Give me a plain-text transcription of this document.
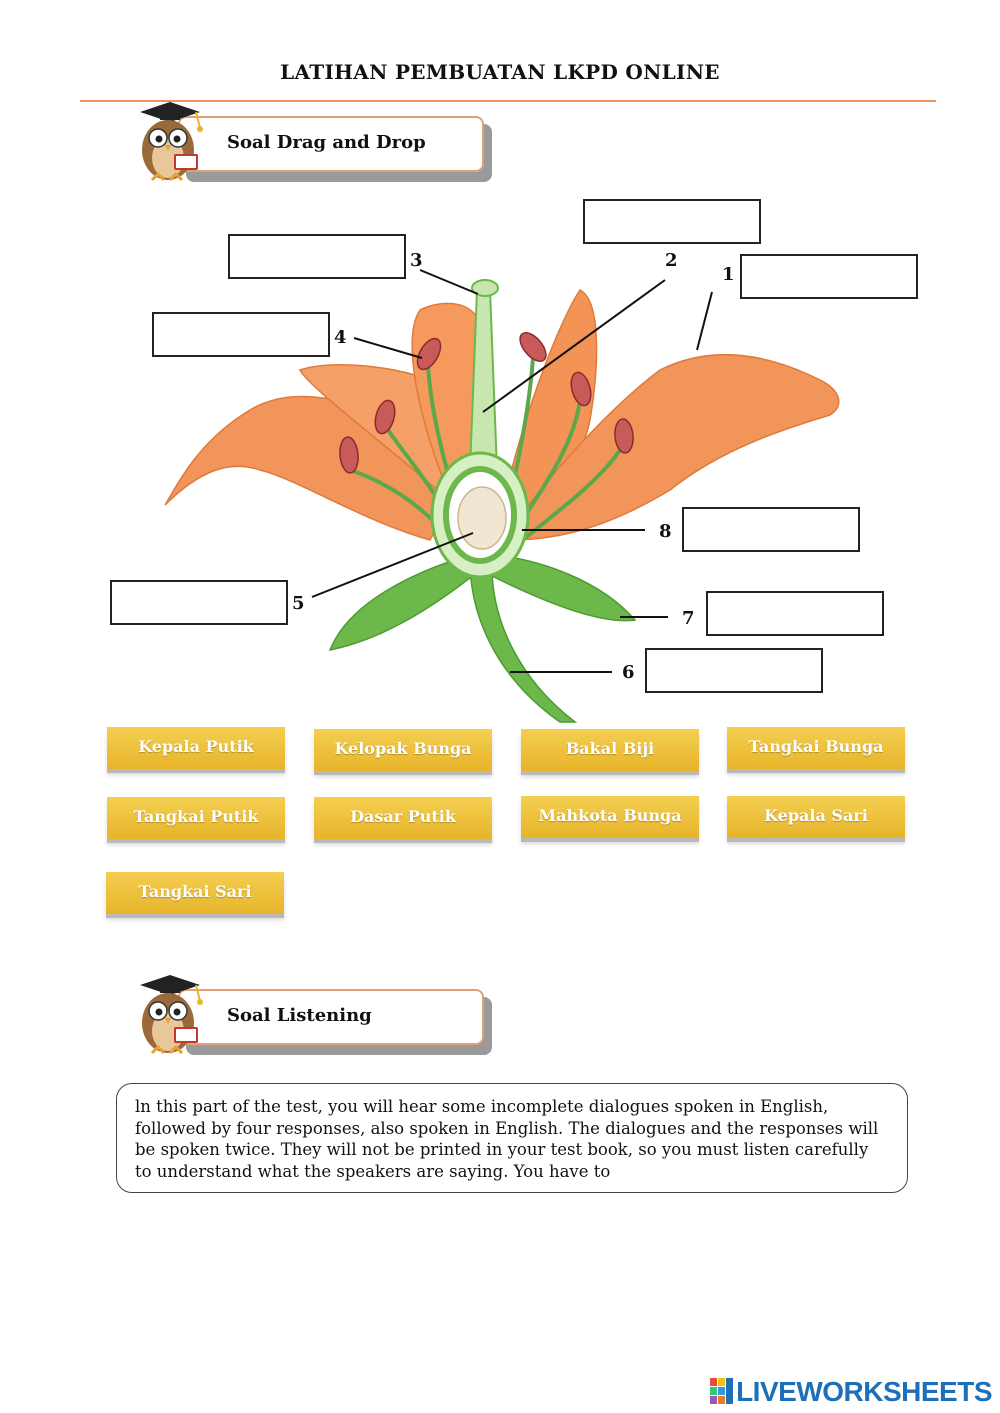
LATIHAN PEMBUATAN LKPD ONLINE
Soal Drag and Drop
1
2
3
4
5
6
7
8
Kepala Putik	Kelopak Bunga	Bakal Biji	Tangkai Bunga
Tangkai Putik	Dasar Putik	Mahkota Bunga	Kepala Sari
Tangkai Sari
Soal Listening
ln this part of the test, you will hear some incomplete dialogues spoken in English, followed by four responses, also spoken in English. The dialogues and the responses will be spoken twice. They will not be printed in your test book, so you must listen carefully to understand what the speakers are saying. You have to
LIVEWORKSHEETS
